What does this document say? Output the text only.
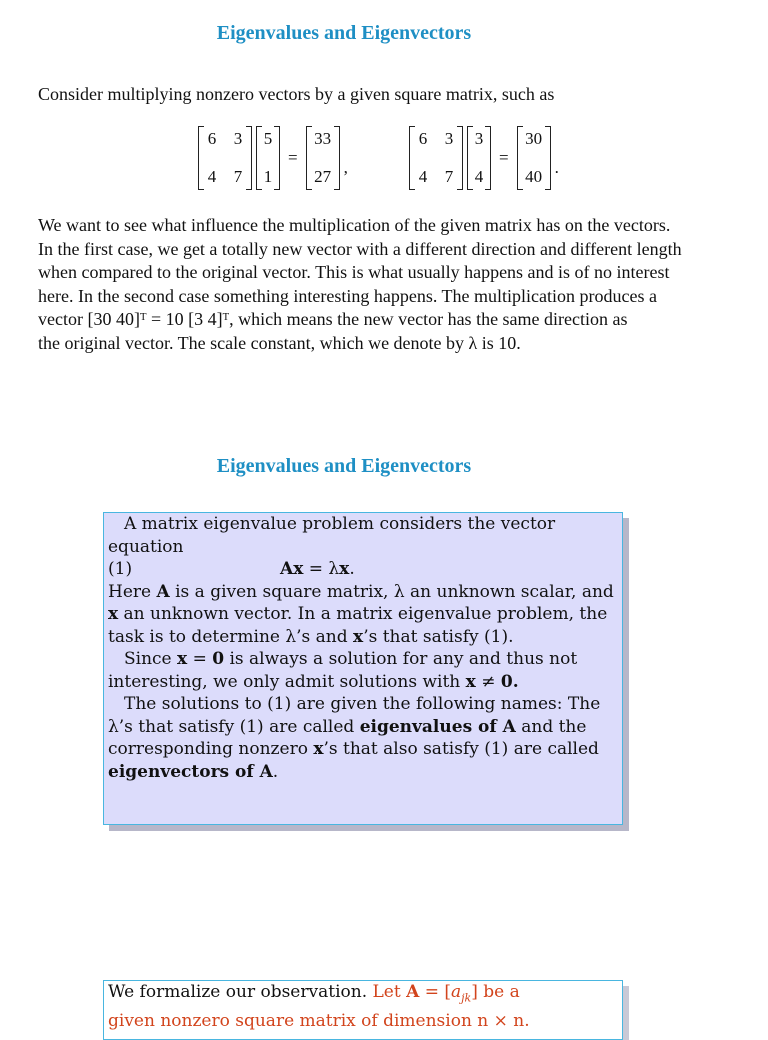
Eigenvalues and Eigenvectors
Consider multiplying nonzero vectors by a given square matrix, such as
6	3
4	7
5
1
=
33
27 ,
6	3
4	7
3
4
=
30
40 .

We want to see what influence the multiplication of the given matrix has on the vectors.

In the first case, we get a totally new vector with a different direction and different length

when compared to the original vector. This is what usually happens and is of no interest

here. In the second case something interesting happens. The multiplication produces a

vector [30 40]ᵀ = 10 [3 4]ᵀ, which means the new vector has the same direction as

the original vector. The scale constant, which we denote by λ is 10.

Eigenvalues and Eigenvectors

A matrix eigenvalue problem considers the vector equation

(1)	Ax = λx.

Here A is a given square matrix, λ an unknown scalar, and x an unknown vector. In a matrix eigenvalue problem, the task is to determine λ’s and x’s that satisfy (1).

Since x = 0 is always a solution for any and thus not interesting, we only admit solutions with x ≠ 0.

The solutions to (1) are given the following names: The λ’s that satisfy (1) are called eigenvalues of A and the corresponding nonzero x’s that also satisfy (1) are called eigenvectors of A.

We formalize our observation. Let $A = [a_{jk}]$ be a

given nonzero square matrix of dimension n × n.
